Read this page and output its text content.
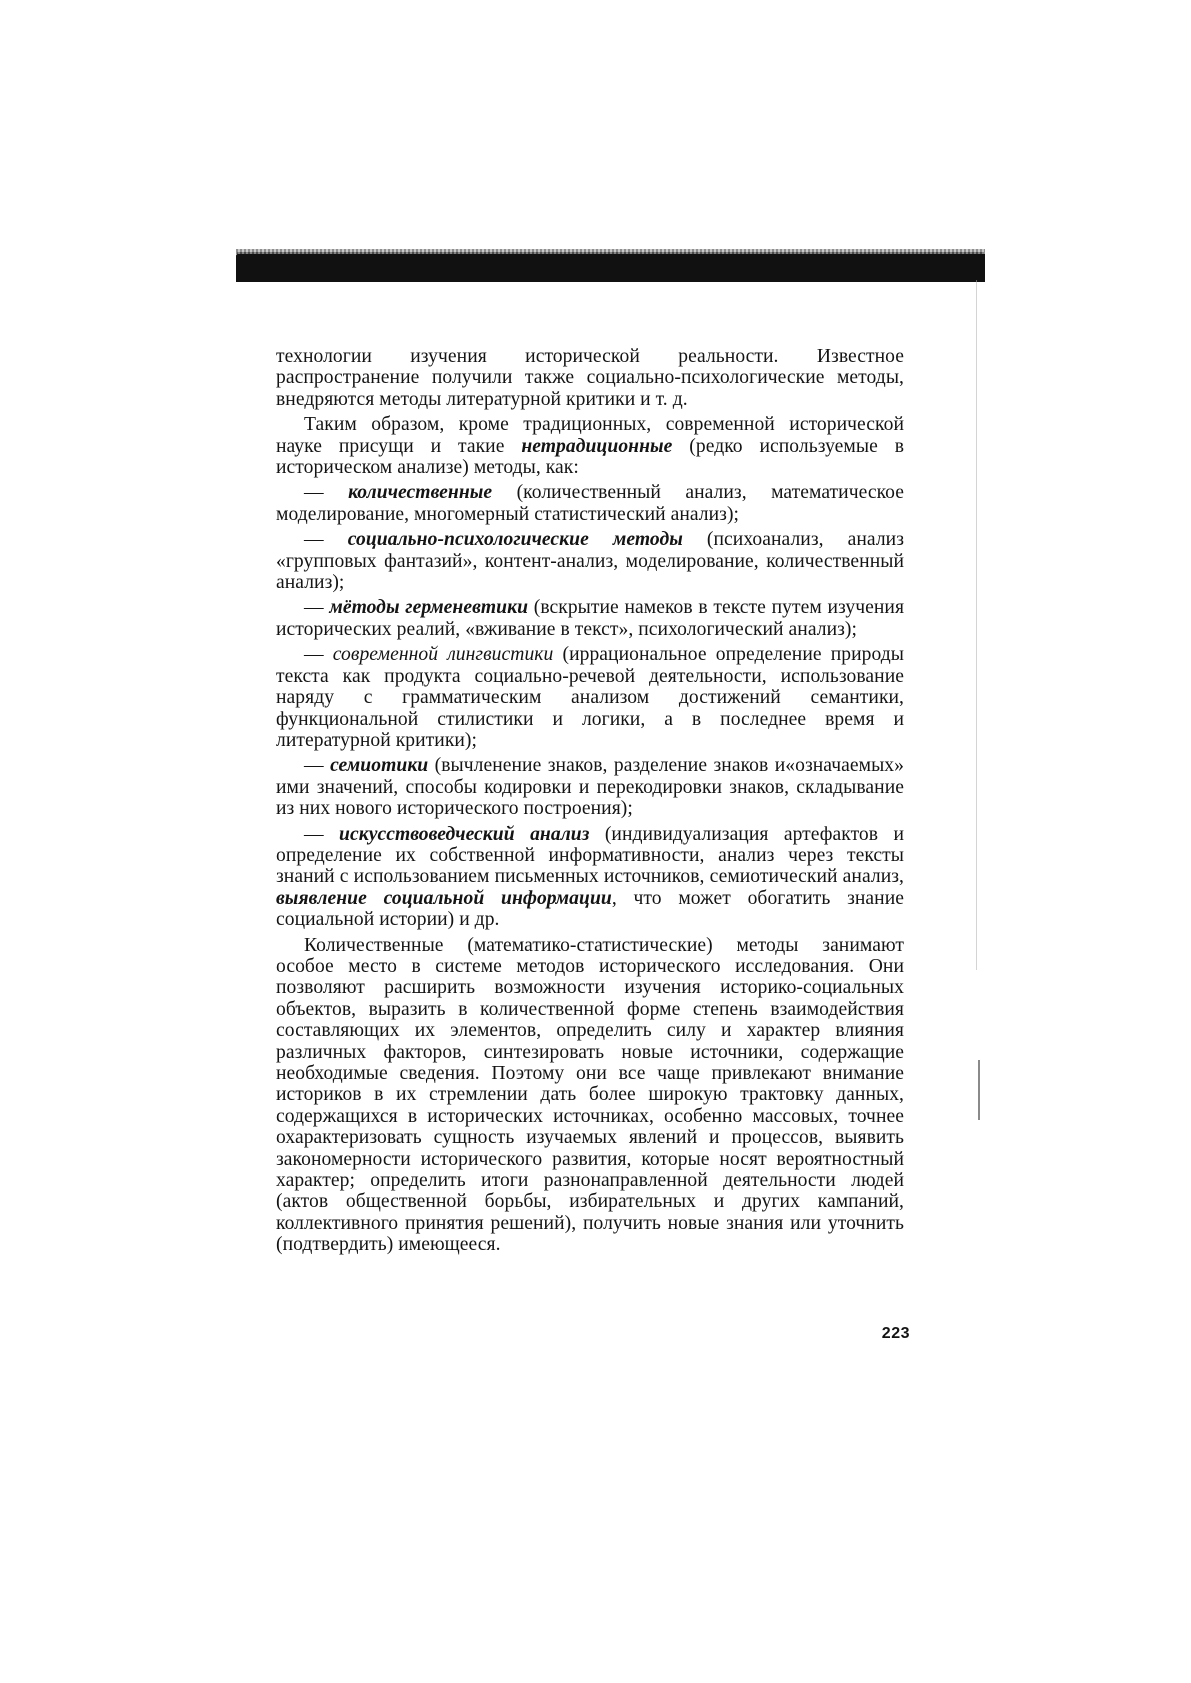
технологии изучения исторической реальности. Известное распространение получили также социально-психологические методы, внедряются методы литературной критики и т. д.

Таким образом, кроме традиционных, современной исторической науке присущи и такие нетрадиционные (редко используемые в историческом анализе) методы, как:

— количественные (количественный анализ, математическое моделирование, многомерный статистический анализ);

— социально-психологические методы (психоанализ, анализ «групповых фантазий», контент-анализ, моделирование, количественный анализ);

— мётоды герменевтики (вскрытие намеков в тексте путем изучения исторических реалий, «вживание в текст», психологический анализ);

— современной лингвистики (иррациональное определение природы текста как продукта социально-речевой деятельности, использование наряду с грамматическим анализом достижений семантики, функциональной стилистики и логики, а в последнее время и литературной критики);

— семиотики (вычленение знаков, разделение знаков и«означаемых» ими значений, способы кодировки и перекодировки знаков, складывание из них нового исторического построения);

— искусствоведческий анализ (индивидуализация артефактов и определение их собственной информативности, анализ через тексты знаний с использованием письменных источников, семиотический анализ, выявление социальной информации, что может обогатить знание социальной истории) и др.

Количественные (математико-статистические) методы занимают особое место в системе методов исторического исследования. Они позволяют расширить возможности изучения историко-социальных объектов, выразить в количественной форме степень взаимодействия составляющих их элементов, определить силу и характер влияния различных факторов, синтезировать новые источники, содержащие необходимые сведения. Поэтому они все чаще привлекают внимание историков в их стремлении дать более широкую трактовку данных, содержащихся в исторических источниках, особенно массовых, точнее охарактеризовать сущность изучаемых явлений и процессов, выявить закономерности исторического развития, которые носят вероятностный характер; определить итоги разнонаправленной деятельности людей (актов общественной борьбы, избирательных и других кампаний, коллективного принятия решений), получить новые знания или уточнить (подтвердить) имеющееся.

223
